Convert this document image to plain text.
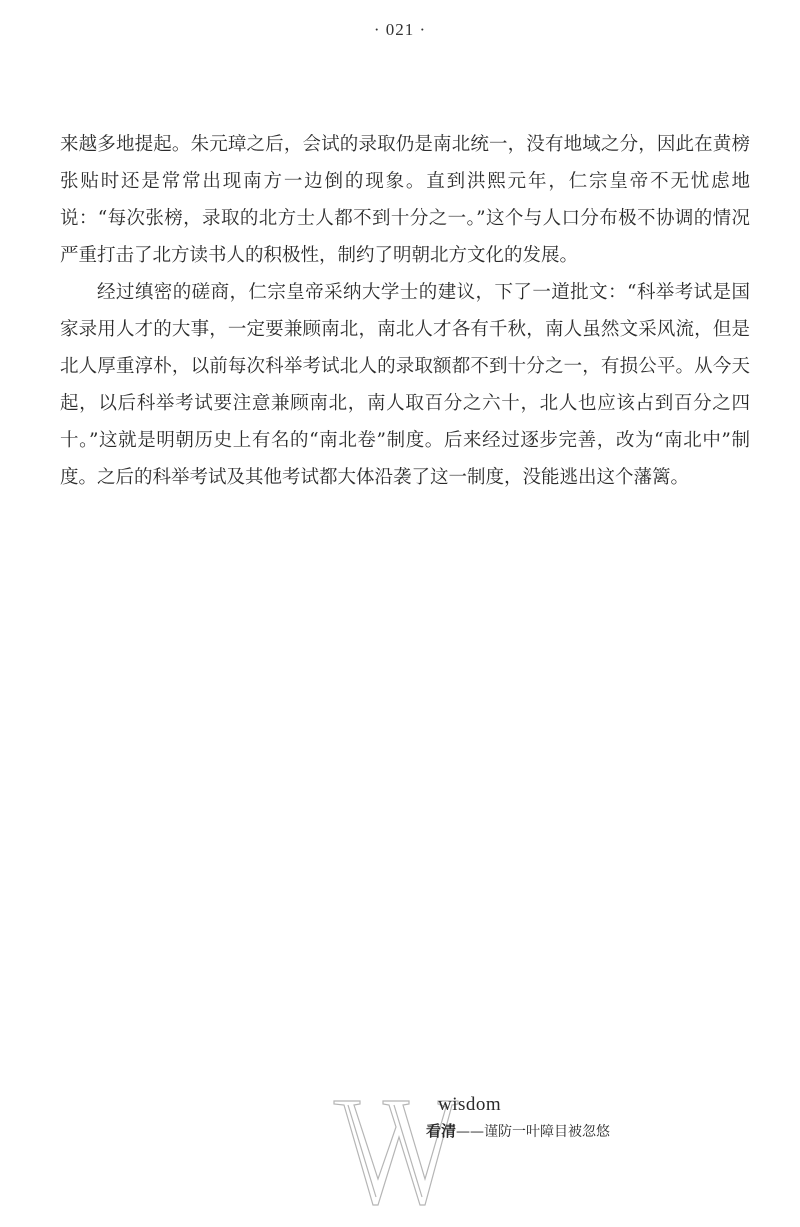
· 021 ·

来越多地提起。朱元璋之后，会试的录取仍是南北统一，没有地域之分，因此在黄榜张贴时还是常常出现南方一边倒的现象。直到洪熙元年，仁宗皇帝不无忧虑地说：“每次张榜，录取的北方士人都不到十分之一。”这个与人口分布极不协调的情况严重打击了北方读书人的积极性，制约了明朝北方文化的发展。

经过缜密的磋商，仁宗皇帝采纳大学士的建议，下了一道批文：“科举考试是国家录用人才的大事，一定要兼顾南北，南北人才各有千秋，南人虽然文采风流，但是北人厚重淳朴，以前每次科举考试北人的录取额都不到十分之一，有损公平。从今天起，以后科举考试要注意兼顾南北，南人取百分之六十，北人也应该占到百分之四十。”这就是明朝历史上有名的“南北卷”制度。后来经过逐步完善，改为“南北中”制度。之后的科举考试及其他考试都大体沿袭了这一制度，没能逃出这个藩篱。

wisdom
看清——谨防一叶障目被忽悠
